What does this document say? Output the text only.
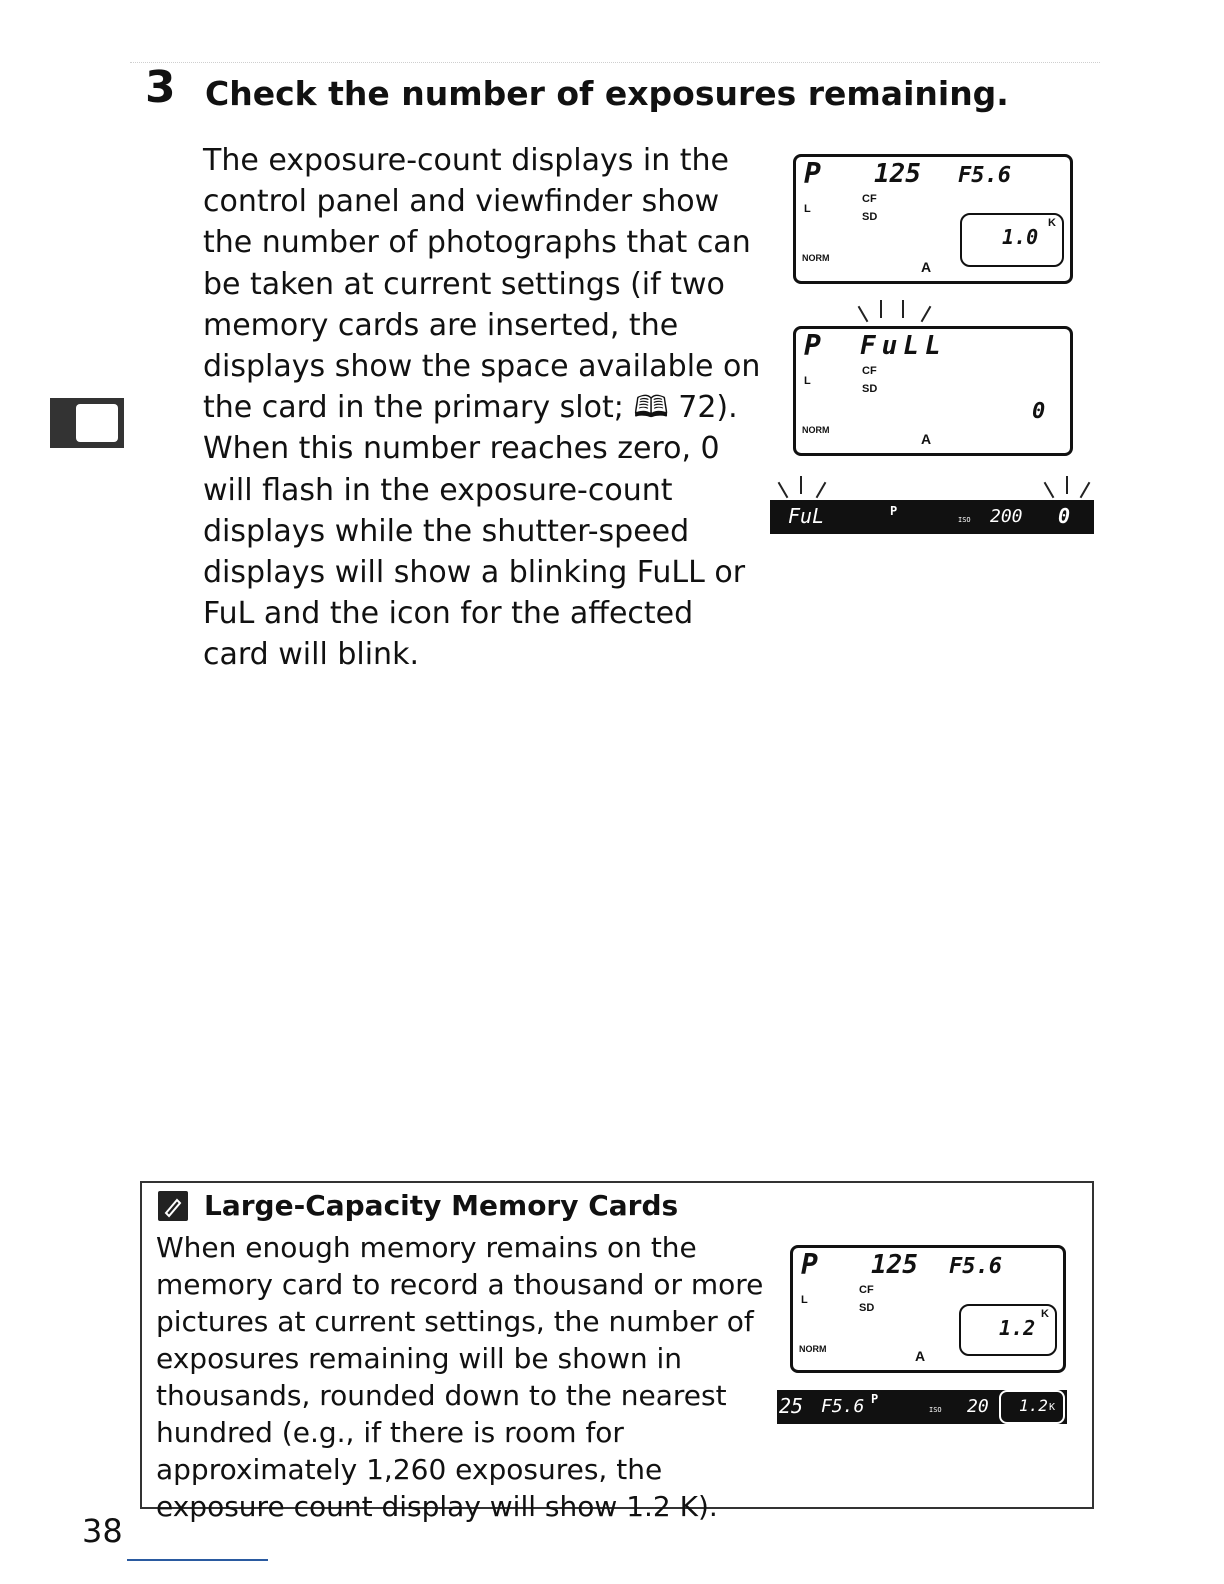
3 Check the number of exposures remaining.

The exposure-count displays in the control panel and viewfinder show the number of photographs that can be taken at current settings (if two memory cards are inserted, the displays show the space available on the card in the primary slot; 🕮 72). When this number reaches zero, 0 will flash in the exposure-count displays while the shutter-speed displays will show a blinking FuLL or FuL and the icon for the affected card will blink.

P 125 F5.6
L
CF
SD
NORM
A
1.0
K
P FuLL
L
CF
SD
NORM
A
0
FuL	P
ISO 200 0
Large-Capacity Memory Cards

When enough memory remains on the memory card to record a thousand or more pictures at current settings, the number of exposures remaining will be shown in thousands, rounded down to the nearest hundred (e.g., if there is room for approximately 1,260 exposures, the exposure count display will show 1.2 K).

P 125 F5.6
L
CF
SD
NORM	A
1.2
K
25 F5.6 P
ISO 20 1.2 K
38
